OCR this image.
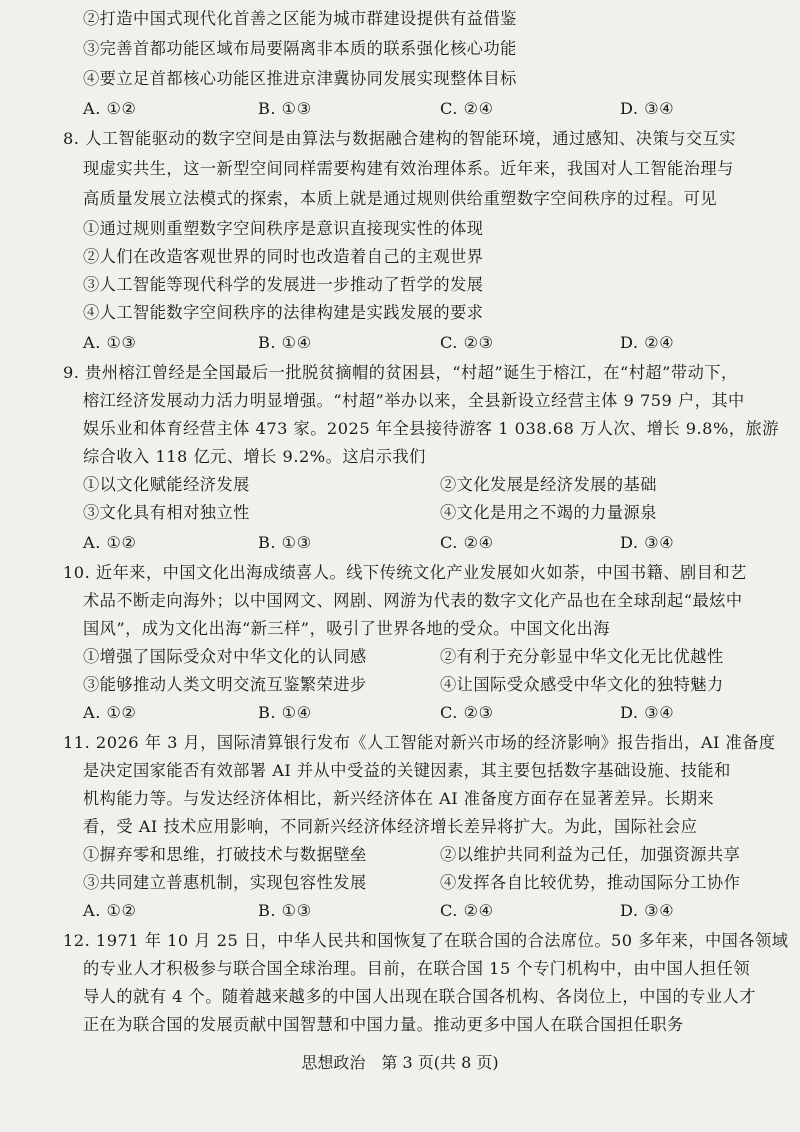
②打造中国式现代化首善之区能为城市群建设提供有益借鉴
③完善首都功能区域布局要隔离非本质的联系强化核心功能
④要立足首都核心功能区推进京津冀协同发展实现整体目标
A. ①②	B. ①③	C. ②④	D. ③④
8. 人工智能驱动的数字空间是由算法与数据融合建构的智能环境，通过感知、决策与交互实
现虚实共生，这一新型空间同样需要构建有效治理体系。近年来，我国对人工智能治理与
高质量发展立法模式的探索，本质上就是通过规则供给重塑数字空间秩序的过程。可见
①通过规则重塑数字空间秩序是意识直接现实性的体现
②人们在改造客观世界的同时也改造着自己的主观世界
③人工智能等现代科学的发展进一步推动了哲学的发展
④人工智能数字空间秩序的法律构建是实践发展的要求
A. ①③	B. ①④	C. ②③	D. ②④
9. 贵州榕江曾经是全国最后一批脱贫摘帽的贫困县，“村超”诞生于榕江，在“村超”带动下，
榕江经济发展动力活力明显增强。“村超”举办以来，全县新设立经营主体 9 759 户，其中
娱乐业和体育经营主体 473 家。2025 年全县接待游客 1 038.68 万人次、增长 9.8%，旅游
综合收入 118 亿元、增长 9.2%。这启示我们
①以文化赋能经济发展	②文化发展是经济发展的基础
③文化具有相对独立性	④文化是用之不竭的力量源泉
A. ①②	B. ①③	C. ②④	D. ③④
10. 近年来，中国文化出海成绩喜人。线下传统文化产业发展如火如荼，中国书籍、剧目和艺
术品不断走向海外；以中国网文、网剧、网游为代表的数字文化产品也在全球刮起“最炫中
国风”，成为文化出海“新三样”，吸引了世界各地的受众。中国文化出海
①增强了国际受众对中华文化的认同感	②有利于充分彰显中华文化无比优越性
③能够推动人类文明交流互鉴繁荣进步	④让国际受众感受中华文化的独特魅力
A. ①②	B. ①④	C. ②③	D. ③④
11. 2026 年 3 月，国际清算银行发布《人工智能对新兴市场的经济影响》报告指出，AI 准备度
是决定国家能否有效部署 AI 并从中受益的关键因素，其主要包括数字基础设施、技能和
机构能力等。与发达经济体相比，新兴经济体在 AI 准备度方面存在显著差异。长期来
看，受 AI 技术应用影响，不同新兴经济体经济增长差异将扩大。为此，国际社会应
①摒弃零和思维，打破技术与数据壁垒	②以维护共同利益为己任，加强资源共享
③共同建立普惠机制，实现包容性发展	④发挥各自比较优势，推动国际分工协作
A. ①②	B. ①③	C. ②④	D. ③④
12. 1971 年 10 月 25 日，中华人民共和国恢复了在联合国的合法席位。50 多年来，中国各领域
的专业人才积极参与联合国全球治理。目前，在联合国 15 个专门机构中，由中国人担任领
导人的就有 4 个。随着越来越多的中国人出现在联合国各机构、各岗位上，中国的专业人才
正在为联合国的发展贡献中国智慧和中国力量。推动更多中国人在联合国担任职务
思想政治　第 3 页(共 8 页)
